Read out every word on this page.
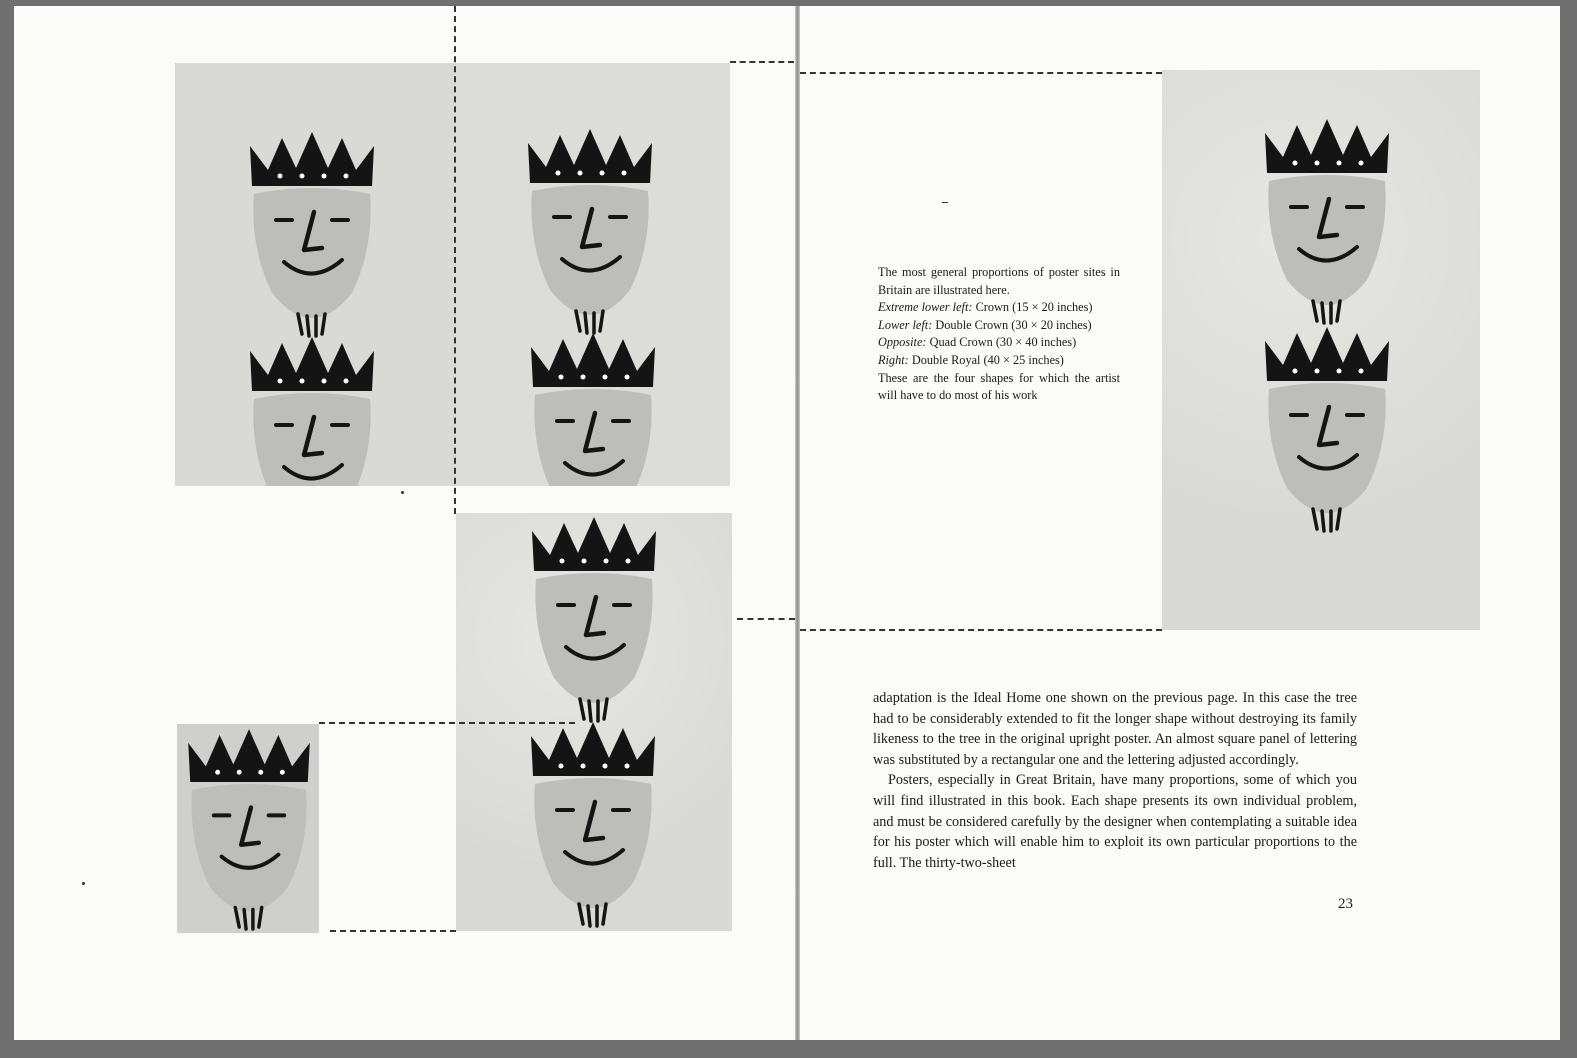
The most general proportions of poster sites in Britain are illustrated here.

Extreme lower left: Crown (15 × 20 inches)

Lower left: Double Crown (30 × 20 inches)

Opposite: Quad Crown (30 × 40 inches)

Right: Double Royal (40 × 25 inches)

These are the four shapes for which the artist will have to do most of his work

adaptation is the Ideal Home one shown on the previous page. In this case the tree had to be considerably extended to fit the longer shape without destroying its family likeness to the tree in the original upright poster. An almost square panel of lettering was substituted by a rectangular one and the lettering adjusted accordingly.

Posters, especially in Great Britain, have many proportions, some of which you will find illustrated in this book. Each shape presents its own individual problem, and must be considered carefully by the designer when contemplating a suitable idea for his poster which will enable him to exploit its own particular proportions to the full. The thirty-two-sheet

23
